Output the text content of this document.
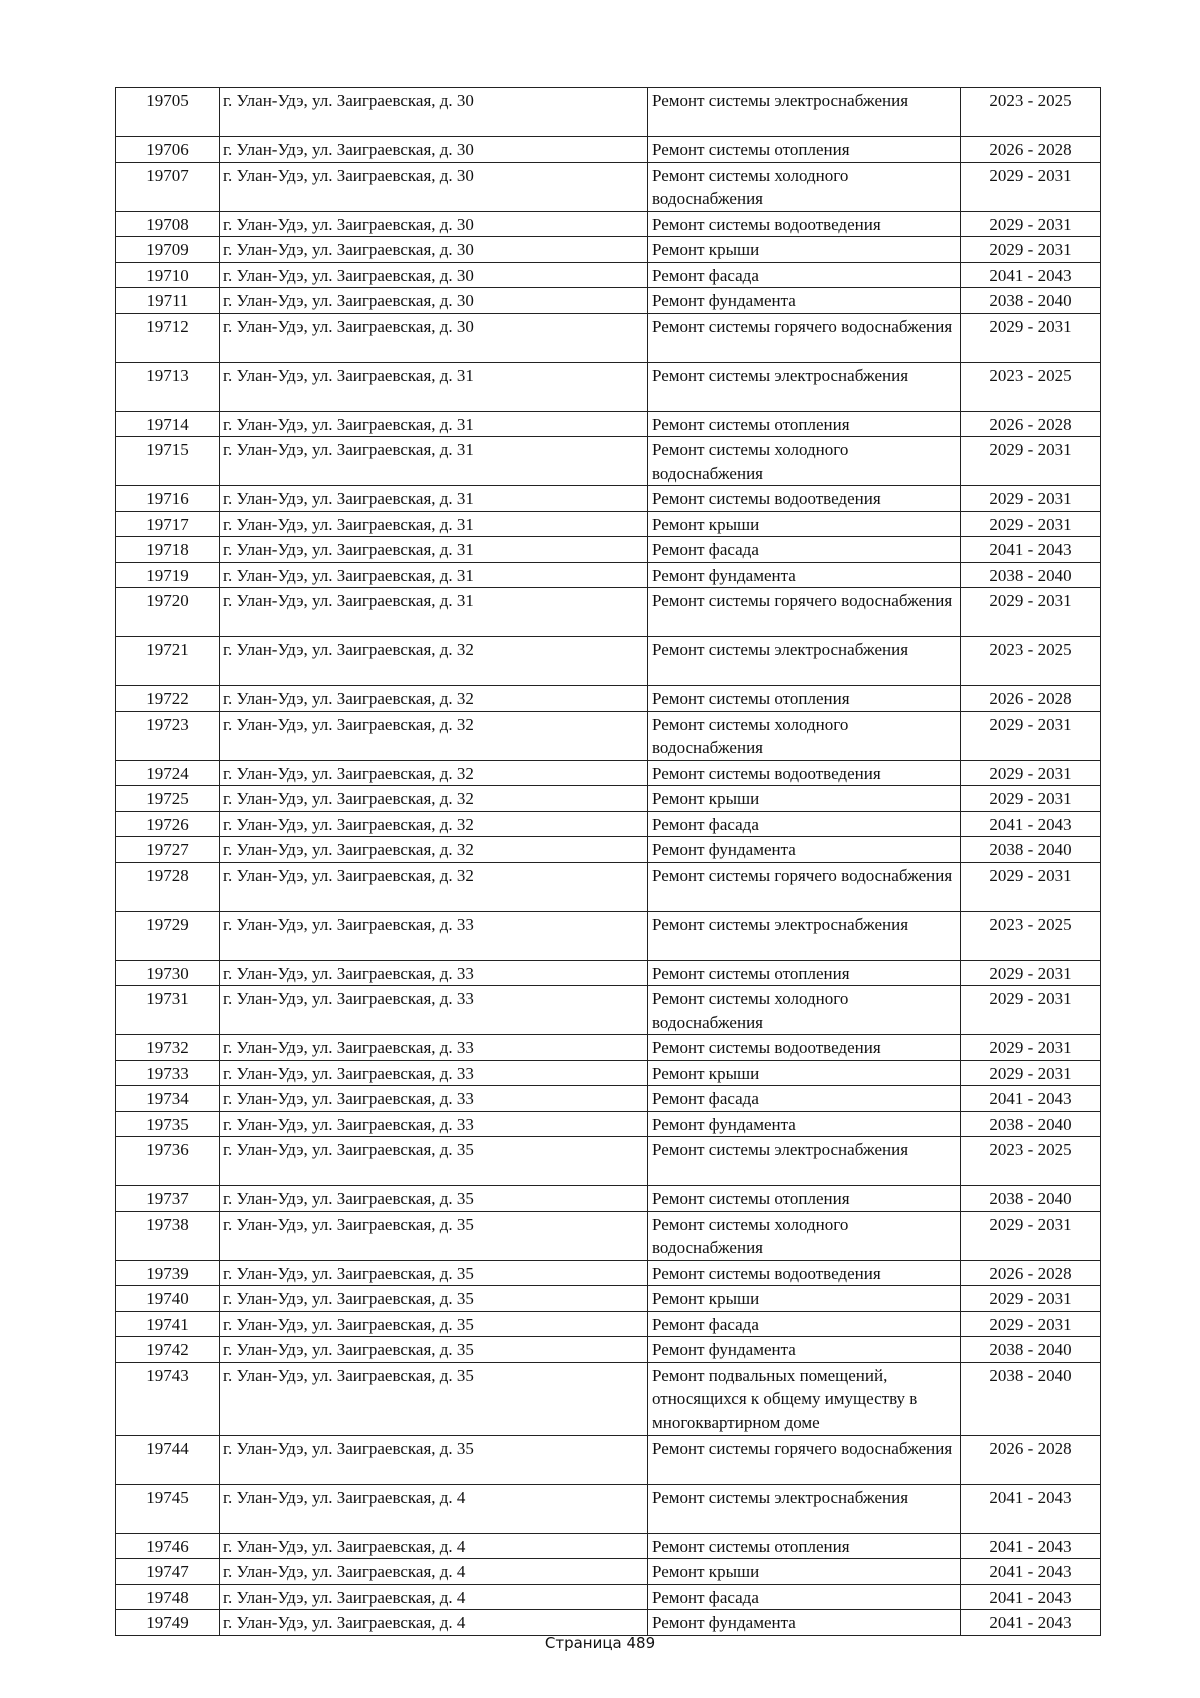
19705	г. Улан-Удэ, ул. Заиграевская, д. 30	Ремонт системы электроснабжения	2023 - 2025
19706	г. Улан-Удэ, ул. Заиграевская, д. 30	Ремонт системы отопления	2026 - 2028
19707	г. Улан-Удэ, ул. Заиграевская, д. 30	Ремонт системы холодного водоснабжения	2029 - 2031
19708	г. Улан-Удэ, ул. Заиграевская, д. 30	Ремонт системы водоотведения	2029 - 2031
19709	г. Улан-Удэ, ул. Заиграевская, д. 30	Ремонт крыши	2029 - 2031
19710	г. Улан-Удэ, ул. Заиграевская, д. 30	Ремонт фасада	2041 - 2043
19711	г. Улан-Удэ, ул. Заиграевская, д. 30	Ремонт фундамента	2038 - 2040
19712	г. Улан-Удэ, ул. Заиграевская, д. 30	Ремонт системы горячего водоснабжения	2029 - 2031
19713	г. Улан-Удэ, ул. Заиграевская, д. 31	Ремонт системы электроснабжения	2023 - 2025
19714	г. Улан-Удэ, ул. Заиграевская, д. 31	Ремонт системы отопления	2026 - 2028
19715	г. Улан-Удэ, ул. Заиграевская, д. 31	Ремонт системы холодного водоснабжения	2029 - 2031
19716	г. Улан-Удэ, ул. Заиграевская, д. 31	Ремонт системы водоотведения	2029 - 2031
19717	г. Улан-Удэ, ул. Заиграевская, д. 31	Ремонт крыши	2029 - 2031
19718	г. Улан-Удэ, ул. Заиграевская, д. 31	Ремонт фасада	2041 - 2043
19719	г. Улан-Удэ, ул. Заиграевская, д. 31	Ремонт фундамента	2038 - 2040
19720	г. Улан-Удэ, ул. Заиграевская, д. 31	Ремонт системы горячего водоснабжения	2029 - 2031
19721	г. Улан-Удэ, ул. Заиграевская, д. 32	Ремонт системы электроснабжения	2023 - 2025
19722	г. Улан-Удэ, ул. Заиграевская, д. 32	Ремонт системы отопления	2026 - 2028
19723	г. Улан-Удэ, ул. Заиграевская, д. 32	Ремонт системы холодного водоснабжения	2029 - 2031
19724	г. Улан-Удэ, ул. Заиграевская, д. 32	Ремонт системы водоотведения	2029 - 2031
19725	г. Улан-Удэ, ул. Заиграевская, д. 32	Ремонт крыши	2029 - 2031
19726	г. Улан-Удэ, ул. Заиграевская, д. 32	Ремонт фасада	2041 - 2043
19727	г. Улан-Удэ, ул. Заиграевская, д. 32	Ремонт фундамента	2038 - 2040
19728	г. Улан-Удэ, ул. Заиграевская, д. 32	Ремонт системы горячего водоснабжения	2029 - 2031
19729	г. Улан-Удэ, ул. Заиграевская, д. 33	Ремонт системы электроснабжения	2023 - 2025
19730	г. Улан-Удэ, ул. Заиграевская, д. 33	Ремонт системы отопления	2029 - 2031
19731	г. Улан-Удэ, ул. Заиграевская, д. 33	Ремонт системы холодного водоснабжения	2029 - 2031
19732	г. Улан-Удэ, ул. Заиграевская, д. 33	Ремонт системы водоотведения	2029 - 2031
19733	г. Улан-Удэ, ул. Заиграевская, д. 33	Ремонт крыши	2029 - 2031
19734	г. Улан-Удэ, ул. Заиграевская, д. 33	Ремонт фасада	2041 - 2043
19735	г. Улан-Удэ, ул. Заиграевская, д. 33	Ремонт фундамента	2038 - 2040
19736	г. Улан-Удэ, ул. Заиграевская, д. 35	Ремонт системы электроснабжения	2023 - 2025
19737	г. Улан-Удэ, ул. Заиграевская, д. 35	Ремонт системы отопления	2038 - 2040
19738	г. Улан-Удэ, ул. Заиграевская, д. 35	Ремонт системы холодного водоснабжения	2029 - 2031
19739	г. Улан-Удэ, ул. Заиграевская, д. 35	Ремонт системы водоотведения	2026 - 2028
19740	г. Улан-Удэ, ул. Заиграевская, д. 35	Ремонт крыши	2029 - 2031
19741	г. Улан-Удэ, ул. Заиграевская, д. 35	Ремонт фасада	2029 - 2031
19742	г. Улан-Удэ, ул. Заиграевская, д. 35	Ремонт фундамента	2038 - 2040
19743	г. Улан-Удэ, ул. Заиграевская, д. 35	Ремонт подвальных помещений, относящихся к общему имуществу в многоквартирном доме	2038 - 2040
19744	г. Улан-Удэ, ул. Заиграевская, д. 35	Ремонт системы горячего водоснабжения	2026 - 2028
19745	г. Улан-Удэ, ул. Заиграевская, д. 4	Ремонт системы электроснабжения	2041 - 2043
19746	г. Улан-Удэ, ул. Заиграевская, д. 4	Ремонт системы отопления	2041 - 2043
19747	г. Улан-Удэ, ул. Заиграевская, д. 4	Ремонт крыши	2041 - 2043
19748	г. Улан-Удэ, ул. Заиграевская, д. 4	Ремонт фасада	2041 - 2043
19749	г. Улан-Удэ, ул. Заиграевская, д. 4	Ремонт фундамента	2041 - 2043
Страница 489
